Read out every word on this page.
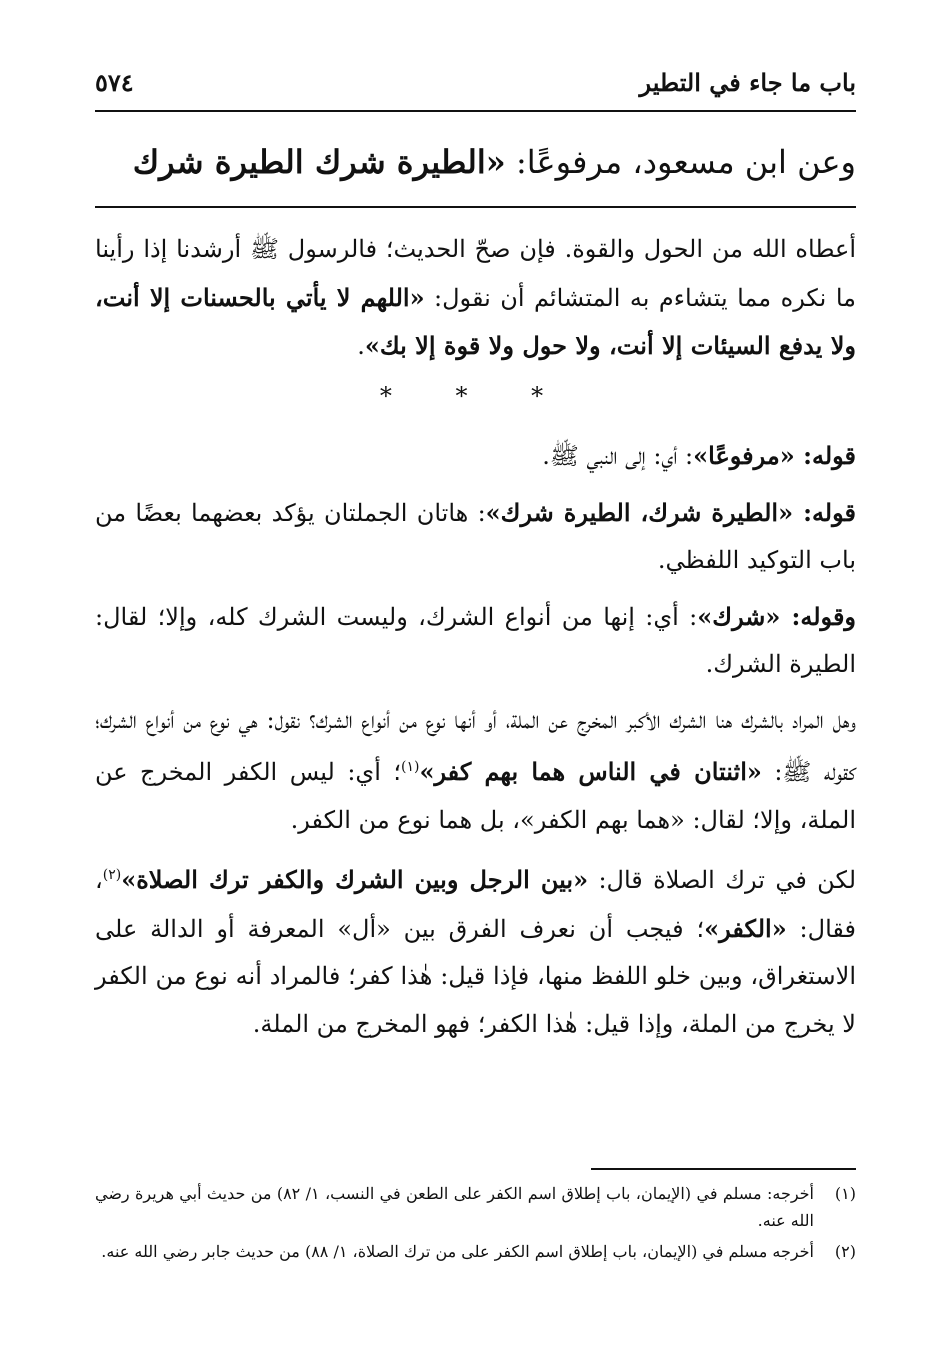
باب ما جاء في التطير
٥٧٤
وعن ابن مسعود، مرفوعًا: «الطيرة شرك الطيرة شرك

أعطاه الله من الحول والقوة. فإن صحّ الحديث؛ فالرسول ﷺ أرشدنا إذا رأينا ما نكره مما يتشاءم به المتشائم أن نقول: «اللهم لا يأتي بالحسنات إلا أنت، ولا يدفع السيئات إلا أنت، ولا حول ولا قوة إلا بك».

* * *

قوله: «مرفوعًا»: أي: إلى النبي ﷺ.

قوله: «الطيرة شرك، الطيرة شرك»: هاتان الجملتان يؤكد بعضهما بعضًا من باب التوكيد اللفظي.

وقوله: «شرك»: أي: إنها من أنواع الشرك، وليست الشرك كله، وإلا؛ لقال: الطيرة الشرك.

وهل المراد بالشرك هنا الشرك الأكبر المخرج عن الملة، أو أنها نوع من أنواع الشرك؟ نقول: هي نوع من أنواع الشرك؛ كقوله ﷺ: «اثنتان في الناس هما بهم كفر»$^{(١)}$؛ أي: ليس الكفر المخرج عن الملة، وإلا؛ لقال: «هما بهم الكفر»، بل هما نوع من الكفر.

لكن في ترك الصلاة قال: «بين الرجل وبين الشرك والكفر ترك الصلاة»$^{(٢)}$، فقال: «الكفر»؛ فيجب أن نعرف الفرق بين «أل» المعرفة أو الدالة على الاستغراق، وبين خلو اللفظ منها، فإذا قيل: هٰذا كفر؛ فالمراد أنه نوع من الكفر لا يخرج من الملة، وإذا قيل: هٰذا الكفر؛ فهو المخرج من الملة.

(١)
أخرجه: مسلم في (الإيمان، باب إطلاق اسم الكفر على الطعن في النسب، ١/ ٨٢) من حديث أبي هريرة رضي الله عنه.
(٢)
أخرجه مسلم في (الإيمان، باب إطلاق اسم الكفر على من ترك الصلاة، ١/ ٨٨) من حديث جابر رضي الله عنه.
